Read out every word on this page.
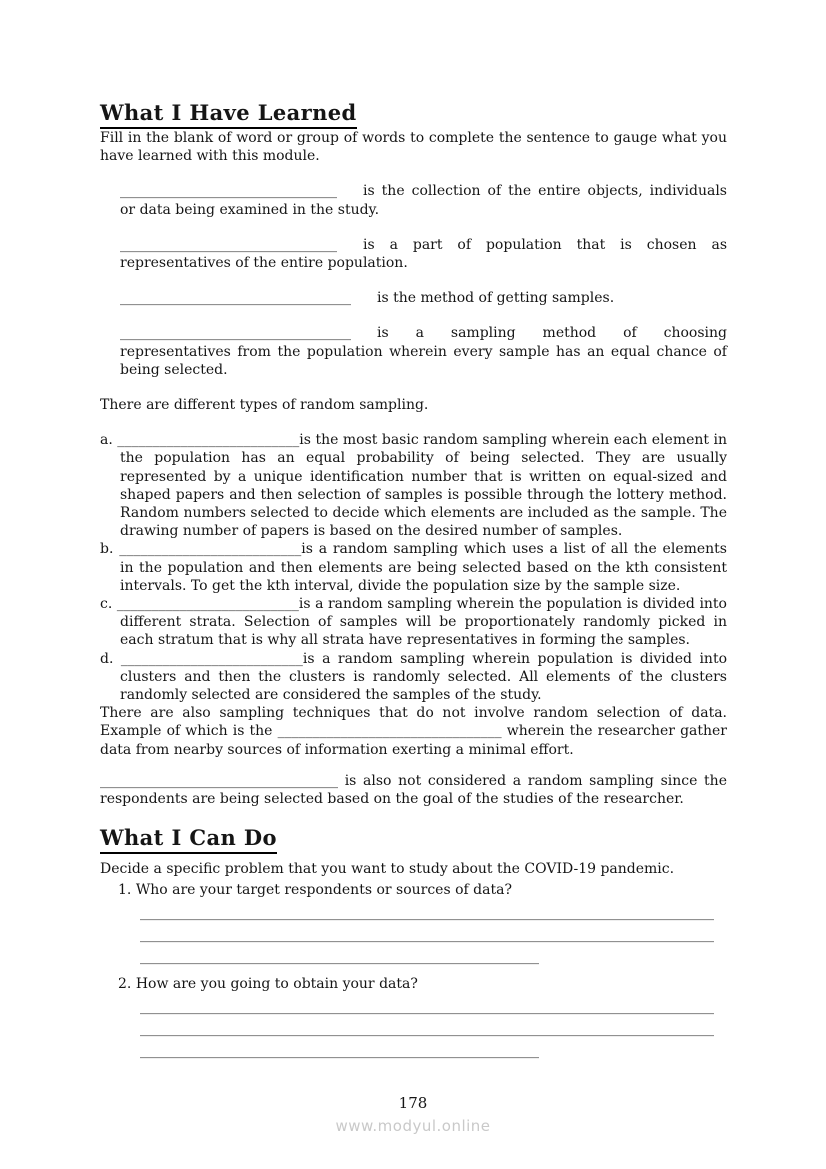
What I Have Learned

Fill in the blank of word or group of words to complete the sentence to gauge what you have learned with this module.

_______________________________ is the collection of the entire objects, individuals or data being examined in the study.

_______________________________ is a part of population that is chosen as representatives of the entire population.

_________________________________ is the method of getting samples.

_________________________________ is a sampling method of choosing representatives from the population wherein every sample has an equal chance of being selected.

There are different types of random sampling.

a. __________________________is the most basic random sampling wherein each element in the population has an equal probability of being selected. They are usually represented by a unique identification number that is written on equal-sized and shaped papers and then selection of samples is possible through the lottery method. Random numbers selected to decide which elements are included as the sample. The drawing number of papers is based on the desired number of samples.

b. __________________________is a random sampling which uses a list of all the elements in the population and then elements are being selected based on the kth consistent intervals. To get the kth interval, divide the population size by the sample size.

c. __________________________is a random sampling wherein the population is divided into different strata. Selection of samples will be proportionately randomly picked in each stratum that is why all strata have representatives in forming the samples.

d. __________________________is a random sampling wherein population is divided into clusters and then the clusters is randomly selected. All elements of the clusters randomly selected are considered the samples of the study.

There are also sampling techniques that do not involve random selection of data. Example of which is the ________________________________ wherein the researcher gather data from nearby sources of information exerting a minimal effort.

__________________________________ is also not considered a random sampling since the respondents are being selected based on the goal of the studies of the researcher.

What I Can Do

Decide a specific problem that you want to study about the COVID-19 pandemic.

1. Who are your target respondents or sources of data?

__________________________________________________________________________________
__________________________________________________________________________________
_________________________________________________________

2. How are you going to obtain your data?

__________________________________________________________________________________
__________________________________________________________________________________
_________________________________________________________
178
www.modyul.online
